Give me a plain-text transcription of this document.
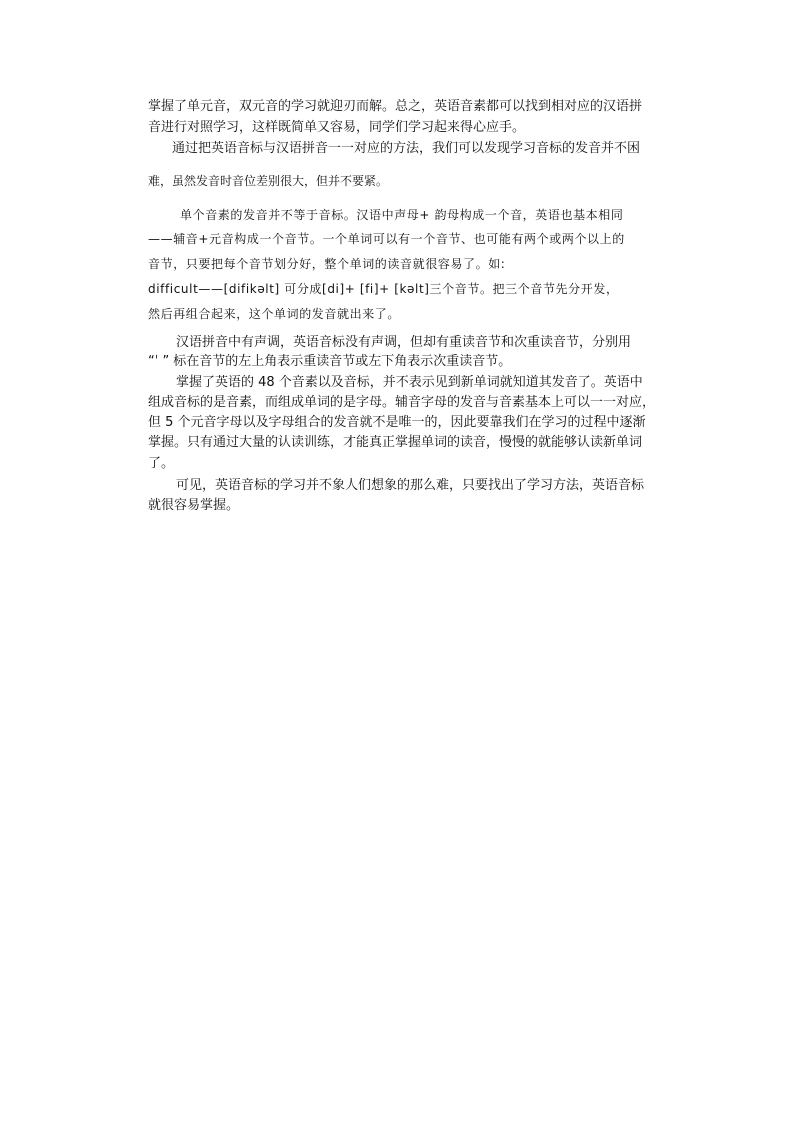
掌握了单元音，双元音的学习就迎刃而解。总之，英语音素都可以找到相对应的汉语拼
音进行对照学习，这样既简单又容易，同学们学习起来得心应手。
通过把英语音标与汉语拼音一一对应的方法，我们可以发现学习音标的发音并不困
难，虽然发音时音位差别很大，但并不要紧。
单个音素的发音并不等于音标。汉语中声母+ 韵母构成一个音，英语也基本相同
——辅音+元音构成一个音节。一个单词可以有一个音节、也可能有两个或两个以上的
音节，只要把每个音节划分好，整个单词的读音就很容易了。如:
difficult——[difikəlt] 可分成[di]+ [fi]+ [kəlt]三个音节。把三个音节先分开发，
然后再组合起来，这个单词的发音就出来了。
汉语拼音中有声调，英语音标没有声调，但却有重读音节和次重读音节，分别用
“ˈ ” 标在音节的左上角表示重读音节或左下角表示次重读音节。
掌握了英语的 48 个音素以及音标，并不表示见到新单词就知道其发音了。英语中
组成音标的是音素，而组成单词的是字母。辅音字母的发音与音素基本上可以一一对应，
但 5 个元音字母以及字母组合的发音就不是唯一的，因此要靠我们在学习的过程中逐渐
掌握。只有通过大量的认读训练，才能真正掌握单词的读音，慢慢的就能够认读新单词
了。
可见，英语音标的学习并不象人们想象的那么难，只要找出了学习方法，英语音标
就很容易掌握。
